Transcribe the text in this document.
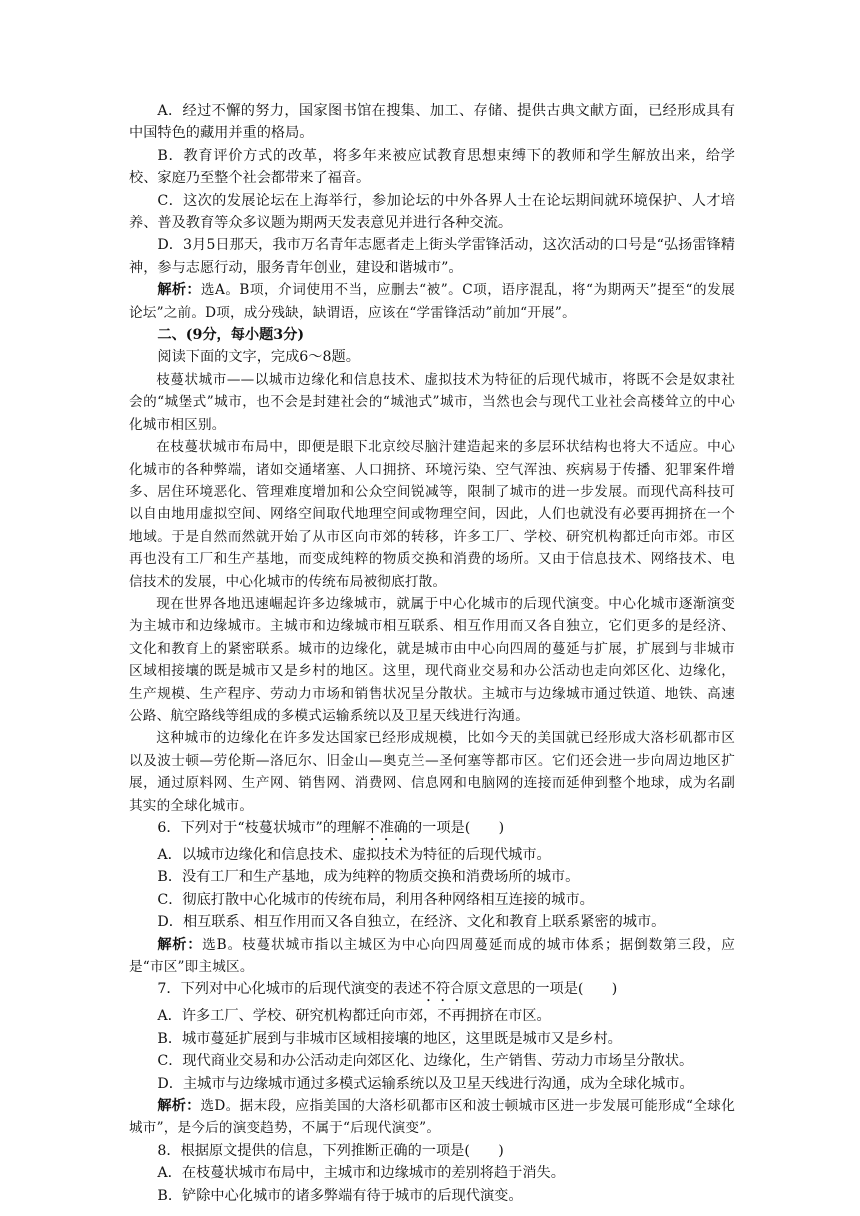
A．经过不懈的努力，国家图书馆在搜集、加工、存储、提供古典文献方面，已经形成具有中国特色的藏用并重的格局。

B．教育评价方式的改革，将多年来被应试教育思想束缚下的教师和学生解放出来，给学校、家庭乃至整个社会都带来了福音。

C．这次的发展论坛在上海举行，参加论坛的中外各界人士在论坛期间就环境保护、人才培养、普及教育等众多议题为期两天发表意见并进行各种交流。

D．3月5日那天，我市万名青年志愿者走上街头学雷锋活动，这次活动的口号是“弘扬雷锋精神，参与志愿行动，服务青年创业，建设和谐城市”。

解析：选A。B项，介词使用不当，应删去“被”。C项，语序混乱，将“为期两天”提至“的发展论坛”之前。D项，成分残缺，缺谓语，应该在“学雷锋活动”前加“开展”。

二、(9分，每小题3分)

阅读下面的文字，完成6～8题。

枝蔓状城市——以城市边缘化和信息技术、虚拟技术为特征的后现代城市，将既不会是奴隶社会的“城堡式”城市，也不会是封建社会的“城池式”城市，当然也会与现代工业社会高楼耸立的中心化城市相区别。

在枝蔓状城市布局中，即便是眼下北京绞尽脑汁建造起来的多层环状结构也将大不适应。中心化城市的各种弊端，诸如交通堵塞、人口拥挤、环境污染、空气浑浊、疾病易于传播、犯罪案件增多、居住环境恶化、管理难度增加和公众空间锐减等，限制了城市的进一步发展。而现代高科技可以自由地用虚拟空间、网络空间取代地理空间或物理空间，因此，人们也就没有必要再拥挤在一个地域。于是自然而然就开始了从市区向市郊的转移，许多工厂、学校、研究机构都迁向市郊。市区再也没有工厂和生产基地，而变成纯粹的物质交换和消费的场所。又由于信息技术、网络技术、电信技术的发展，中心化城市的传统布局被彻底打散。

现在世界各地迅速崛起许多边缘城市，就属于中心化城市的后现代演变。中心化城市逐渐演变为主城市和边缘城市。主城市和边缘城市相互联系、相互作用而又各自独立，它们更多的是经济、文化和教育上的紧密联系。城市的边缘化，就是城市由中心向四周的蔓延与扩展，扩展到与非城市区域相接壤的既是城市又是乡村的地区。这里，现代商业交易和办公活动也走向郊区化、边缘化，生产规模、生产程序、劳动力市场和销售状况呈分散状。主城市与边缘城市通过铁道、地铁、高速公路、航空路线等组成的多模式运输系统以及卫星天线进行沟通。

这种城市的边缘化在许多发达国家已经形成规模，比如今天的美国就已经形成大洛杉矶都市区以及波士顿—劳伦斯—洛厄尔、旧金山—奥克兰—圣何塞等都市区。它们还会进一步向周边地区扩展，通过原料网、生产网、销售网、消费网、信息网和电脑网的连接而延伸到整个地球，成为名副其实的全球化城市。

6．下列对于“枝蔓状城市”的理解不准确的一项是(　　)

A．以城市边缘化和信息技术、虚拟技术为特征的后现代城市。

B．没有工厂和生产基地，成为纯粹的物质交换和消费场所的城市。

C．彻底打散中心化城市的传统布局，利用各种网络相互连接的城市。

D．相互联系、相互作用而又各自独立，在经济、文化和教育上联系紧密的城市。

解析：选B。枝蔓状城市指以主城区为中心向四周蔓延而成的城市体系；据倒数第三段，应是“市区”即主城区。

7．下列对中心化城市的后现代演变的表述不符合原文意思的一项是(　　)

A．许多工厂、学校、研究机构都迁向市郊，不再拥挤在市区。

B．城市蔓延扩展到与非城市区域相接壤的地区，这里既是城市又是乡村。

C．现代商业交易和办公活动走向郊区化、边缘化，生产销售、劳动力市场呈分散状。

D．主城市与边缘城市通过多模式运输系统以及卫星天线进行沟通，成为全球化城市。

解析：选D。据末段，应指美国的大洛杉矶都市区和波士顿城市区进一步发展可能形成“全球化城市”，是今后的演变趋势，不属于“后现代演变”。

8．根据原文提供的信息，下列推断正确的一项是(　　)

A．在枝蔓状城市布局中，主城市和边缘城市的差别将趋于消失。

B．铲除中心化城市的诸多弊端有待于城市的后现代演变。
